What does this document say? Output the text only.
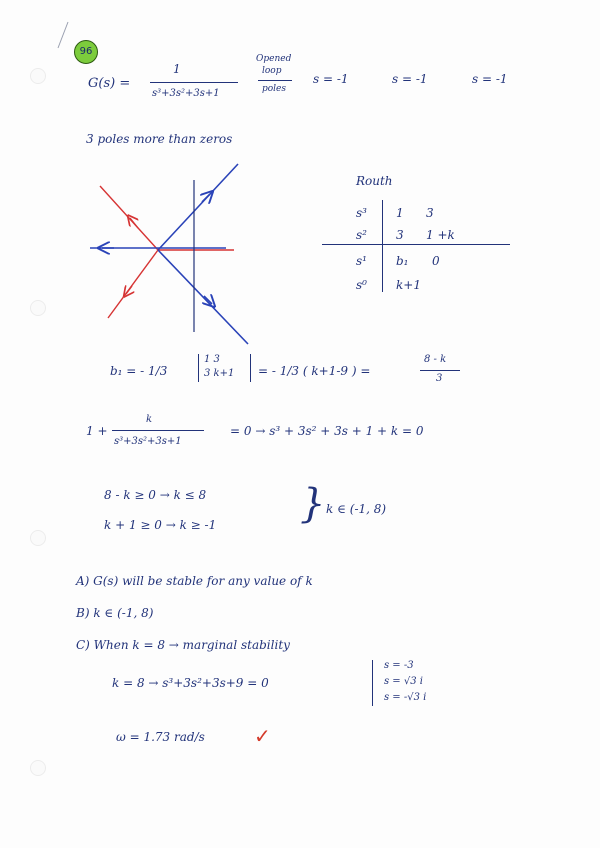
96
G(s) =
1
s³+3s²+3s+1
Opened
loop
poles
s = -1	s = -1	s = -1
3 poles more than zeros
Routh
s³ 1 3
s² 3 1 +k
s¹ b₁ 0
s⁰ k+1
b₁ = - 1/3
1 3
3 k+1 = - 1/3 ( k+1-9 ) =
8 - k
3
1 +
k
s³+3s²+3s+1
= 0 → s³ + 3s² + 3s + 1 + k = 0
8 - k ≥ 0 → k ≤ 8
k + 1 ≥ 0 → k ≥ -1 } k ∈ (-1, 8)
A) G(s) will be stable for any value of k
B) k ∈ (-1, 8)
C) When k = 8 → marginal stability
k = 8 → s³+3s²+3s+9 = 0
s = -3
s = √3 i
s = -√3 i
ω = 1.73 rad/s ✓
